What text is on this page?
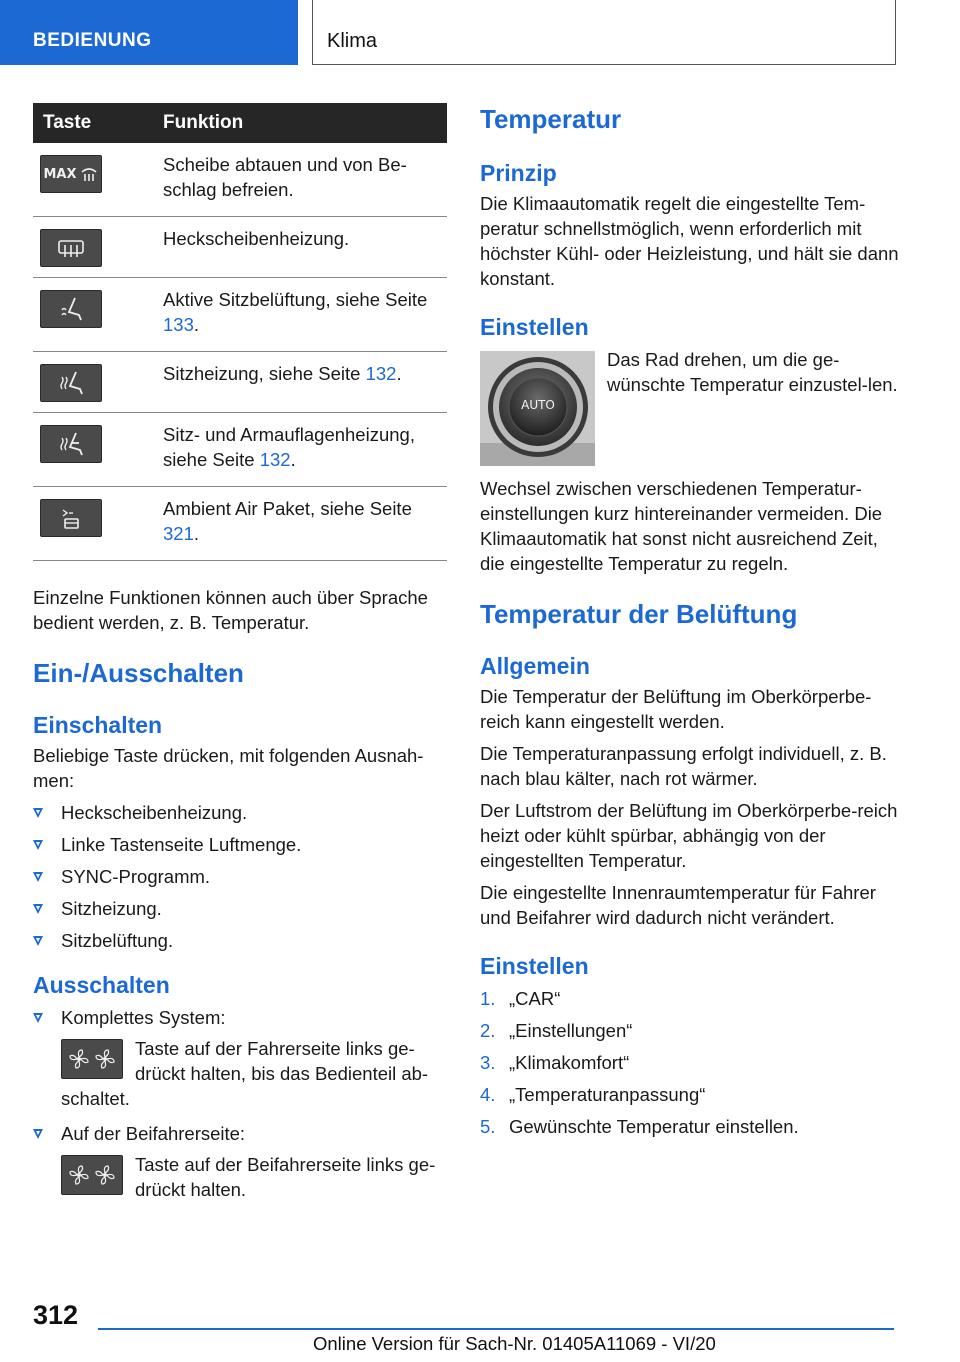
BEDIENUNG	Klima
Taste	Funktion

MAX	Scheibe abtauen und von Be-schlag befreien.

	Heckscheibenheizung.

	Aktive Sitzbelüftung, siehe Seite 133.

	Sitzheizung, siehe Seite 132.

	Sitz- und Armauflagenheizung, siehe Seite 132.

	Ambient Air Paket, siehe Seite 321.

Einzelne Funktionen können auch über Sprache bedient werden, z. B. Temperatur.

Ein-/Ausschalten
Einschalten

Beliebige Taste drücken, mit folgenden Ausnah-men:

Heckscheibenheizung.
Linke Tastenseite Luftmenge.
SYNC-Programm.
Sitzheizung.
Sitzbelüftung.
Ausschalten
Komplettes System:
Taste auf der Fahrerseite links ge-drückt halten, bis das Bedienteil ab-schaltet.
Auf der Beifahrerseite:
Taste auf der Beifahrerseite links ge-drückt halten.
Temperatur
Prinzip

Die Klimaautomatik regelt die eingestellte Tem-peratur schnellstmöglich, wenn erforderlich mit höchster Kühl- oder Heizleistung, und hält sie dann konstant.

Einstellen
AUTO

Das Rad drehen, um die ge-wünschte Temperatur einzustel-len.

Wechsel zwischen verschiedenen Temperatur-einstellungen kurz hintereinander vermeiden. Die Klimaautomatik hat sonst nicht ausreichend Zeit, die eingestellte Temperatur zu regeln.

Temperatur der Belüftung
Allgemein

Die Temperatur der Belüftung im Oberkörperbe-reich kann eingestellt werden.

Die Temperaturanpassung erfolgt individuell, z. B. nach blau kälter, nach rot wärmer.

Der Luftstrom der Belüftung im Oberkörperbe-reich heizt oder kühlt spürbar, abhängig von der eingestellten Temperatur.

Die eingestellte Innenraumtemperatur für Fahrer und Beifahrer wird dadurch nicht verändert.

Einstellen
1. „CAR“
2. „Einstellungen“
3. „Klimakomfort“
4. „Temperaturanpassung“
5. Gewünschte Temperatur einstellen.
312
Online Version für Sach-Nr. 01405A11069 - VI/20
